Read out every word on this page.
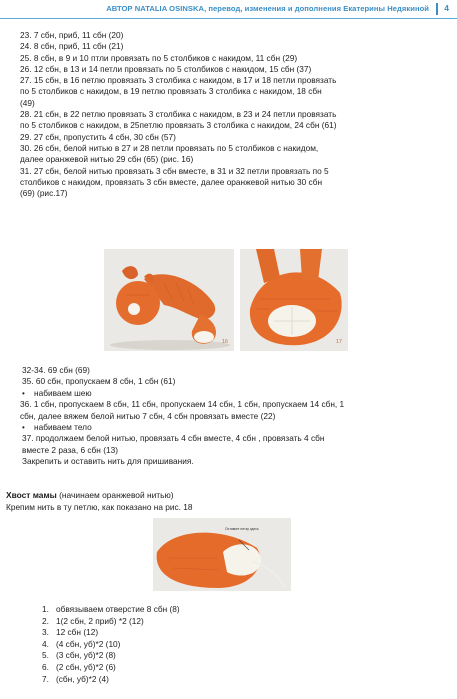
АВТОР NATALIA OSINSKA, перевод, изменения и дополнения Екатерины Недякиной 4
23. 7 сбн, приб, 11 сбн (20)
24. 8 сбн, приб, 11 сбн (21)
25. 8 сбн, в 9 и 10 птли провязать по 5 столбиков с накидом, 11 сбн (29)
26. 12 сбн, в 13 и 14 петли провязать по 5 столбиков с накидом, 15 сбн (37)
27. 15 сбн, в 16 петлю провязать 3 столбика с накидом, в 17 и 18 петли провязать
по 5 столбиков с накидом, в 19 петлю провязать 3 столбика с накидом, 18 сбн
(49)
28. 21 сбн, в 22 петлю провязать 3 столбика с накидом, в 23 и 24 петли провязать
по 5 столбиков с накидом, в 25петлю провязать 3 столбика с накидом, 24 сбн (61)
29. 27 сбн, пропустить 4 сбн, 30 сбн (57)
30. 26 сбн, белой нитью в 27 и 28 петли провязать по 5 столбиков с накидом,
далее оранжевой нитью 29 сбн (65) (рис. 16)
31. 27 сбн, белой нитью провязать 3 сбн вместе, в 31 и 32 петли провязать по 5
столбиков с накидом, провязать 3 сбн вместе, далее оранжевой нитью 30 сбн
(69) (рис.17)
16	17
32-34. 69 сбн (69)
35. 60 сбн, пропускаем 8 сбн, 1 сбн (61)
• набиваем шею
36. 1 сбн, пропускаем 8 сбн, 11 сбн, пропускаем 14 сбн, 1 сбн, пропускаем 14 сбн, 1
сбн, далее вяжем белой нитью 7 сбн, 4 сбн провязать вместе (22)
• набиваем тело
37. продолжаем белой нитью, провязать 4 сбн вместе, 4 сбн , провязать 4 сбн
вместе 2 раза, 6 сбн (13)
Закрепить и оставить нить для пришивания.
Хвост мамы (начинаем оранжевой нитью)
Крепим нить в ту петлю, как показано на рис. 18
Оставьте нитку здесь
1. обвязываем отверстие 8 сбн (8)
2. 1(2 сбн, 2 приб) *2 (12)
3. 12 сбн (12)
4. (4 сбн, уб)*2 (10)
5. (3 сбн, уб)*2 (8)
6. (2 сбн, уб)*2 (6)
7. (сбн, уб)*2 (4)
